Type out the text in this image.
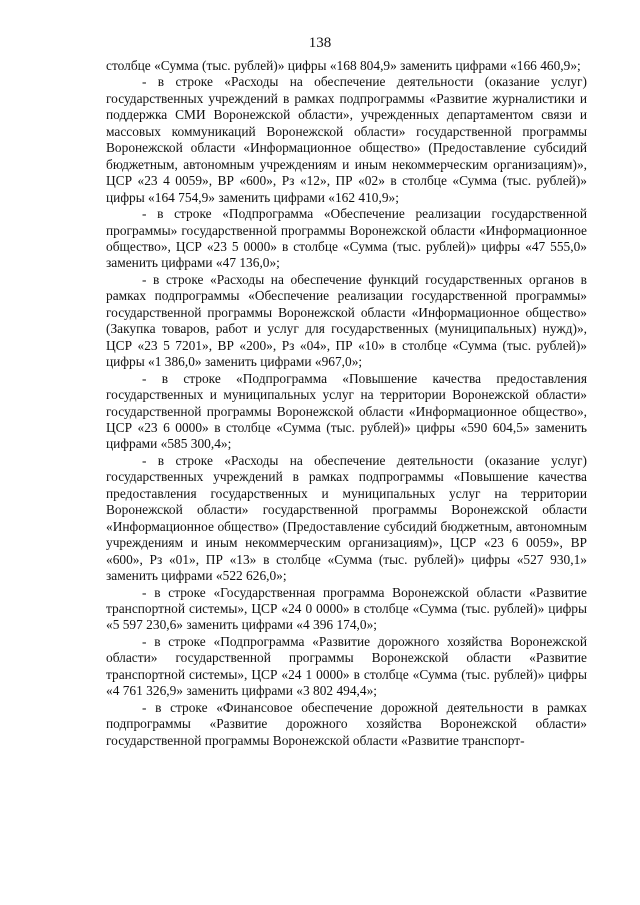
138

столбце «Сумма (тыс. рублей)» цифры «168 804,9» заменить цифрами «166 460,9»;

- в строке «Расходы на обеспечение деятельности (оказание услуг) государственных учреждений в рамках подпрограммы «Развитие журналистики и поддержка СМИ Воронежской области», учрежденных департаментом связи и массовых коммуникаций Воронежской области» государственной программы Воронежской области «Информационное общество» (Предоставление субсидий бюджетным, автономным учреждениям и иным некоммерческим организациям)», ЦСР «23 4 0059», ВР «600», Рз «12», ПР «02» в столбце «Сумма (тыс. рублей)» цифры «164 754,9» заменить цифрами «162 410,9»;

- в строке «Подпрограмма «Обеспечение реализации государственной программы» государственной программы Воронежской области «Информационное общество», ЦСР «23 5 0000» в столбце «Сумма (тыс. рублей)» цифры «47 555,0» заменить цифрами «47 136,0»;

- в строке «Расходы на обеспечение функций государственных органов в рамках подпрограммы «Обеспечение реализации государственной программы» государственной программы Воронежской области «Информационное общество» (Закупка товаров, работ и услуг для государственных (муниципальных) нужд)», ЦСР «23 5 7201», ВР «200», Рз «04», ПР «10» в столбце «Сумма (тыс. рублей)» цифры «1 386,0» заменить цифрами «967,0»;

- в строке «Подпрограмма «Повышение качества предоставления государственных и муниципальных услуг на территории Воронежской области» государственной программы Воронежской области «Информационное общество», ЦСР «23 6 0000» в столбце «Сумма (тыс. рублей)» цифры «590 604,5» заменить цифрами «585 300,4»;

- в строке «Расходы на обеспечение деятельности (оказание услуг) государственных учреждений в рамках подпрограммы «Повышение качества предоставления государственных и муниципальных услуг на территории Воронежской области» государственной программы Воронежской области «Информационное общество» (Предоставление субсидий бюджетным, автономным учреждениям и иным некоммерческим организациям)», ЦСР «23 6 0059», ВР «600», Рз «01», ПР «13» в столбце «Сумма (тыс. рублей)» цифры «527 930,1» заменить цифрами «522 626,0»;

- в строке «Государственная программа Воронежской области «Развитие транспортной системы», ЦСР «24 0 0000» в столбце «Сумма (тыс. рублей)» цифры «5 597 230,6» заменить цифрами «4 396 174,0»;

- в строке «Подпрограмма «Развитие дорожного хозяйства Воронежской области» государственной программы Воронежской области «Развитие транспортной системы», ЦСР «24 1 0000» в столбце «Сумма (тыс. рублей)» цифры «4 761 326,9» заменить цифрами «3 802 494,4»;

- в строке «Финансовое обеспечение дорожной деятельности в рамках подпрограммы «Развитие дорожного хозяйства Воронежской области» государственной программы Воронежской области «Развитие транспорт-
